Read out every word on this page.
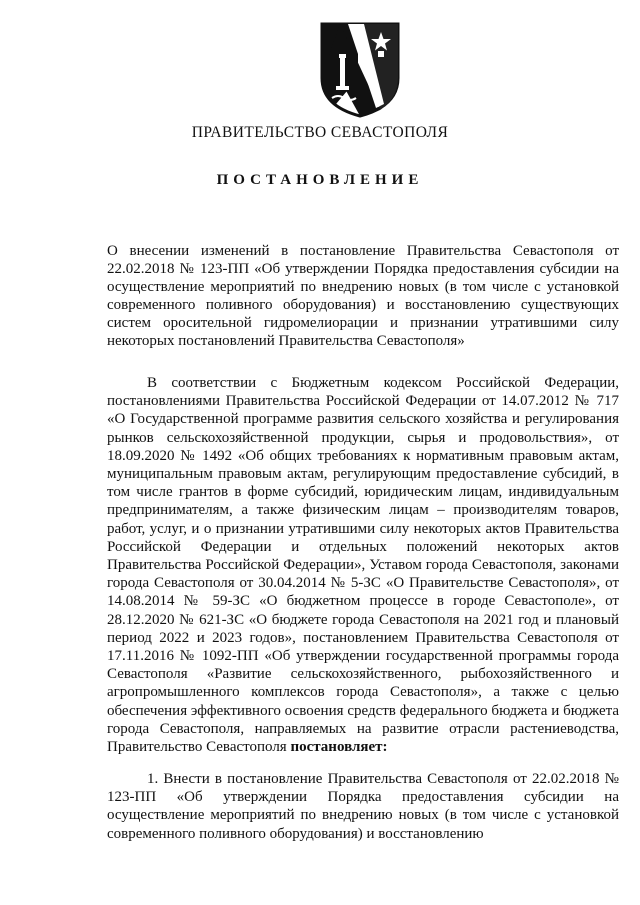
ПРАВИТЕЛЬСТВО СЕВАСТОПОЛЯ
ПОСТАНОВЛЕНИЕ
О внесении изменений в постановление Правительства Севастополя от 22.02.2018 № 123-ПП «Об утверждении Порядка предоставления субсидии на осуществление мероприятий по внедрению новых (в том числе с установкой современного поливного оборудования) и восстановлению существующих систем оросительной гидромелиорации и признании утратившими силу некоторых постановлений Правительства Севастополя»

В соответствии с Бюджетным кодексом Российской Федерации, постановлениями Правительства Российской Федерации от 14.07.2012 № 717 «О Государственной программе развития сельского хозяйства и регулирования рынков сельскохозяйственной продукции, сырья и продовольствия», от 18.09.2020 № 1492 «Об общих требованиях к нормативным правовым актам, муниципальным правовым актам, регулирующим предоставление субсидий, в том числе грантов в форме субсидий, юридическим лицам, индивидуальным предпринимателям, а также физическим лицам – производителям товаров, работ, услуг, и о признании утратившими силу некоторых актов Правительства Российской Федерации и отдельных положений некоторых актов Правительства Российской Федерации», Уставом города Севастополя, законами города Севастополя от 30.04.2014 № 5-ЗС «О Правительстве Севастополя», от 14.08.2014 № 59-ЗС «О бюджетном процессе в городе Севастополе», от 28.12.2020 № 621-ЗС «О бюджете города Севастополя на 2021 год и плановый период 2022 и 2023 годов», постановлением Правительства Севастополя от 17.11.2016 № 1092-ПП «Об утверждении государственной программы города Севастополя «Развитие сельскохозяйственного, рыбохозяйственного и агропромышленного комплексов города Севастополя», а также с целью обеспечения эффективного освоения средств федерального бюджета и бюджета города Севастополя, направляемых на развитие отрасли растениеводства, Правительство Севастополя постановляет:

1. Внести в постановление Правительства Севастополя от 22.02.2018 № 123-ПП «Об утверждении Порядка предоставления субсидии на осуществление мероприятий по внедрению новых (в том числе с установкой современного поливного оборудования) и восстановлению
